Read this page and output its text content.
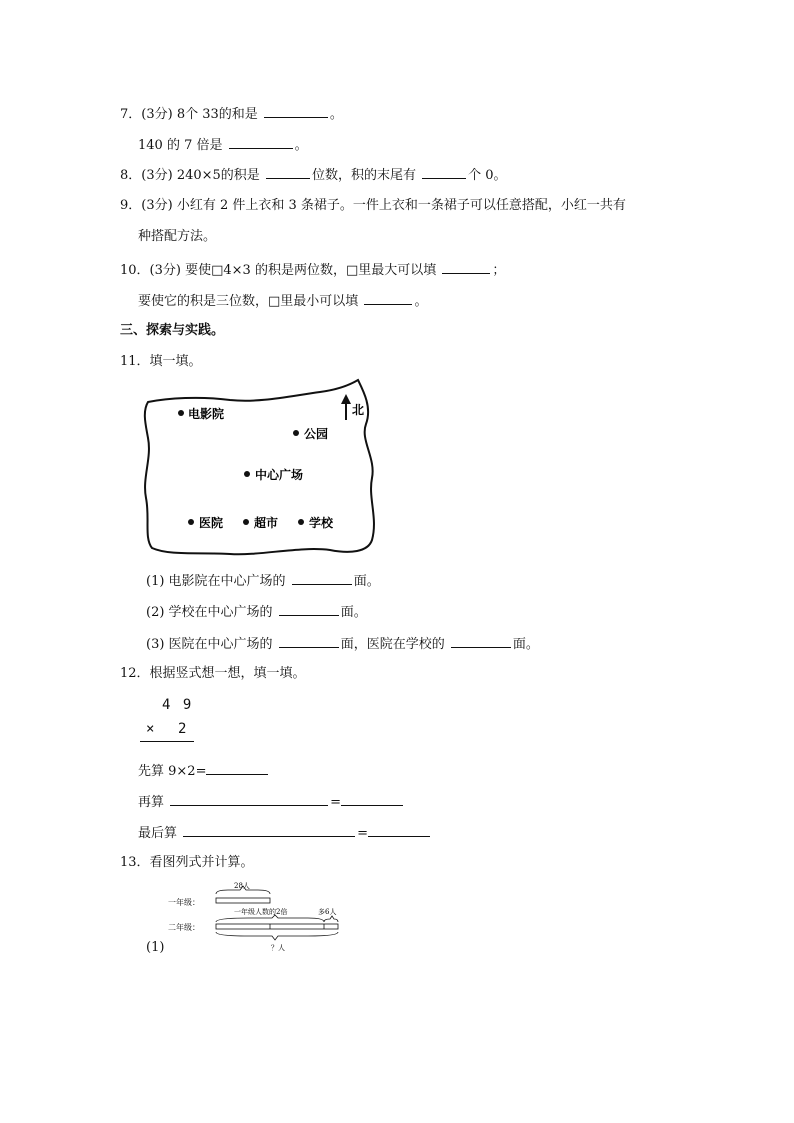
7．(3分) 8个 33的和是	。
140 的 7 倍是	。
8．(3分) 240×5的积是	位数，积的末尾有	个 0。
9．(3分) 小红有 2 件上衣和 3 条裙子。一件上衣和一条裙子可以任意搭配，小红一共有
种搭配方法。
10．(3分) 要使□4×3 的积是两位数，□里最大可以填	；
要使它的积是三位数，□里最小可以填	。
三、探索与实践。
11．填一填。
北
电影院
公园
中心广场
医院	超市	学校
(1) 电影院在中心广场的	面。
(2) 学校在中心广场的	面。
(3) 医院在中心广场的	面，医院在学校的	面。
12．根据竖式想一想，填一填。
4 9
× 2
先算 9×2=
再算	=
最后算	=
13．看图列式并计算。
一年级：
二年级：
28人
一年级人数的2倍	多6人
？人
(1)
